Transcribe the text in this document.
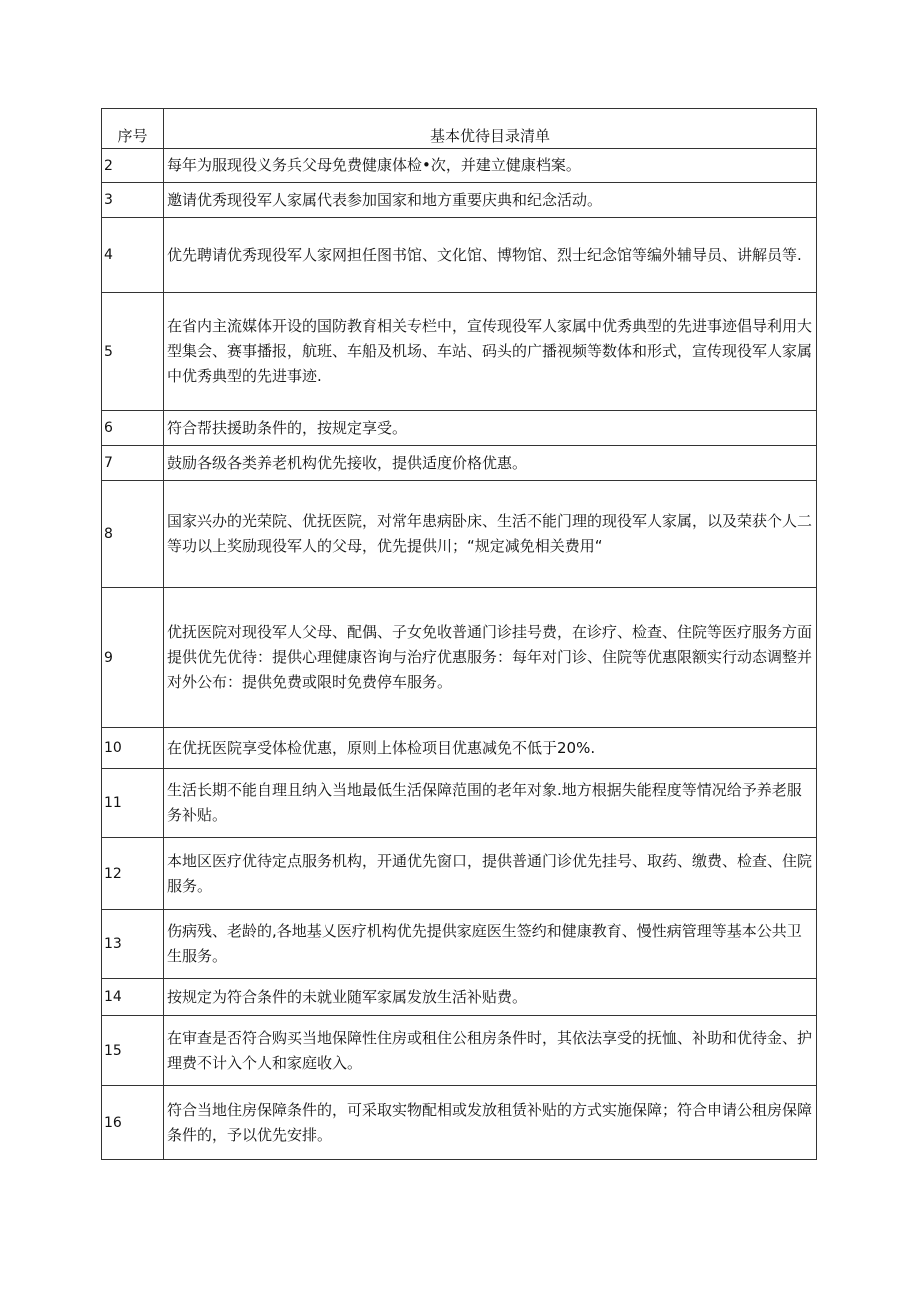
序号	基本优待目录清单
2	每年为服现役义务兵父母免费健康体检•次，并建立健康档案。
3	邀请优秀现役军人家属代表参加国家和地方重要庆典和纪念活动。
4	优先聘请优秀现役军人家网担任图书馆、文化馆、博物馆、烈士纪念馆等编外辅导员、讲解员等.
5	在省内主流媒体开设的国防教育相关专栏中，宣传现役军人家属中优秀典型的先进事迹倡导利用大型集会、赛事播报，航班、车船及机场、车站、码头的广播视频等数体和形式，宣传现役军人家属中优秀典型的先进事迹.
6	符合帮扶援助条件的，按规定享受。
7	鼓励各级各类养老机构优先接收，提供适度价格优惠。
8	国家兴办的光荣院、优抚医院，对常年患病卧床、生活不能门理的现役军人家属，以及荣获个人二等功以上奖励现役军人的父母，优先提供川；“规定减免相关费用“
9	优抚医院对现役军人父母、配偶、子女免收普通门诊挂号费，在诊疗、检查、住院等医疗服务方面提供优先优待：提供心理健康咨询与治疗优惠服务：每年对门诊、住院等优惠限额实行动态调整并对外公布：提供免费或限时免费停车服务。
10	在优抚医院享受体检优惠，原则上体检项目优惠减免不低于20%.
11	生活长期不能自理且纳入当地最低生活保障范围的老年对象.地方根据失能程度等情况给予养老服务补贴。
12	本地区医疗优待定点服务机构，开通优先窗口，提供普通门诊优先挂号、取药、缴费、检查、住院服务。
13	伤病残、老龄的,各地基乂医疗机构优先提供家庭医生签约和健康教育、慢性病管理等基本公共卫生服务。
14	按规定为符合条件的未就业随军家属发放生活补贴费。
15	在审查是否符合购买当地保障性住房或租住公租房条件时，其依法享受的抚恤、补助和优待金、护理费不计入个人和家庭收入。
16	符合当地住房保障条件的，可采取实物配相或发放租赁补贴的方式实施保障；符合申请公租房保障条件的，予以优先安排。
